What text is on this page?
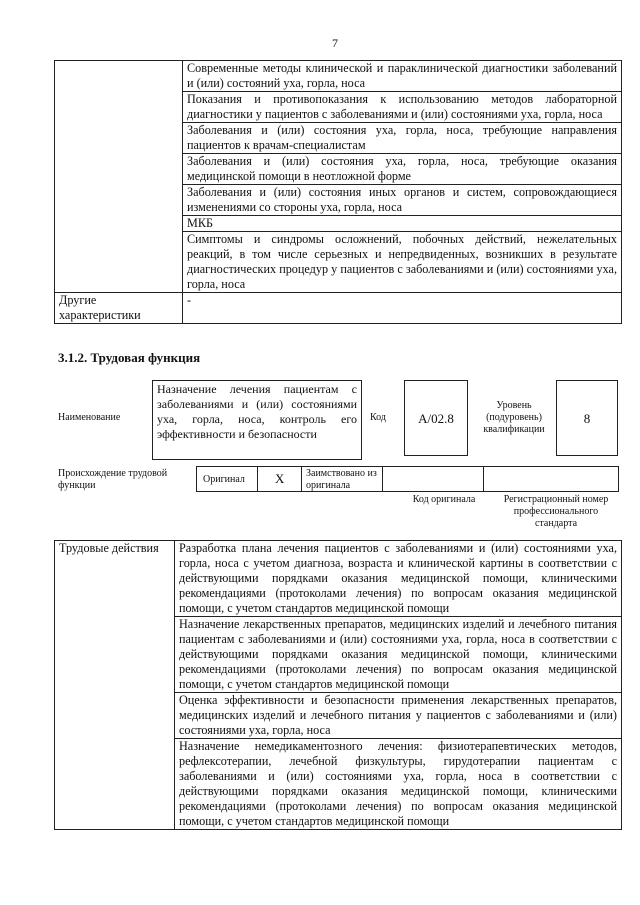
7
	Современные методы клинической и параклинической диагностики заболеваний и (или) состояний уха, горла, носа
	Показания и противопоказания к использованию методов лабораторной диагностики у пациентов с заболеваниями и (или) состояниями уха, горла, носа
	Заболевания и (или) состояния уха, горла, носа, требующие направления пациентов к врачам-специалистам
	Заболевания и (или) состояния уха, горла, носа, требующие оказания медицинской помощи в неотложной форме
	Заболевания и (или) состояния иных органов и систем, сопровождающиеся изменениями со стороны уха, горла, носа
	МКБ
	Симптомы и синдромы осложнений, побочных действий, нежелательных реакций, в том числе серьезных и непредвиденных, возникших в результате диагностических процедур у пациентов с заболеваниями и (или) состояниями уха, горла, носа
Другие характеристики	-
3.1.2. Трудовая функция
Наименование
Назначение лечения пациентам с заболеваниями и (или) состояниями уха, горла, носа, контроль его эффективности и безопасности
Код	A/02.8
Уровень (подуровень) квалификации
8
Происхождение трудовой функции
Оригинал X Заимствовано из оригинала
Код оригинала	Регистрационный номер профессионального стандарта
Трудовые действия	Разработка плана лечения пациентов с заболеваниями и (или) состояниями уха, горла, носа с учетом диагноза, возраста и клинической картины в соответствии с действующими порядками оказания медицинской помощи, клиническими рекомендациями (протоколами лечения) по вопросам оказания медицинской помощи, с учетом стандартов медицинской помощи
Назначение лекарственных препаратов, медицинских изделий и лечебного питания пациентам с заболеваниями и (или) состояниями уха, горла, носа в соответствии с действующими порядками оказания медицинской помощи, клиническими рекомендациями (протоколами лечения) по вопросам оказания медицинской помощи, с учетом стандартов медицинской помощи
Оценка эффективности и безопасности применения лекарственных препаратов, медицинских изделий и лечебного питания у пациентов с заболеваниями и (или) состояниями уха, горла, носа
Назначение немедикаментозного лечения: физиотерапевтических методов, рефлексотерапии, лечебной физкультуры, гирудотерапии пациентам с заболеваниями и (или) состояниями уха, горла, носа в соответствии с действующими порядками оказания медицинской помощи, клиническими рекомендациями (протоколами лечения) по вопросам оказания медицинской помощи, с учетом стандартов медицинской помощи
